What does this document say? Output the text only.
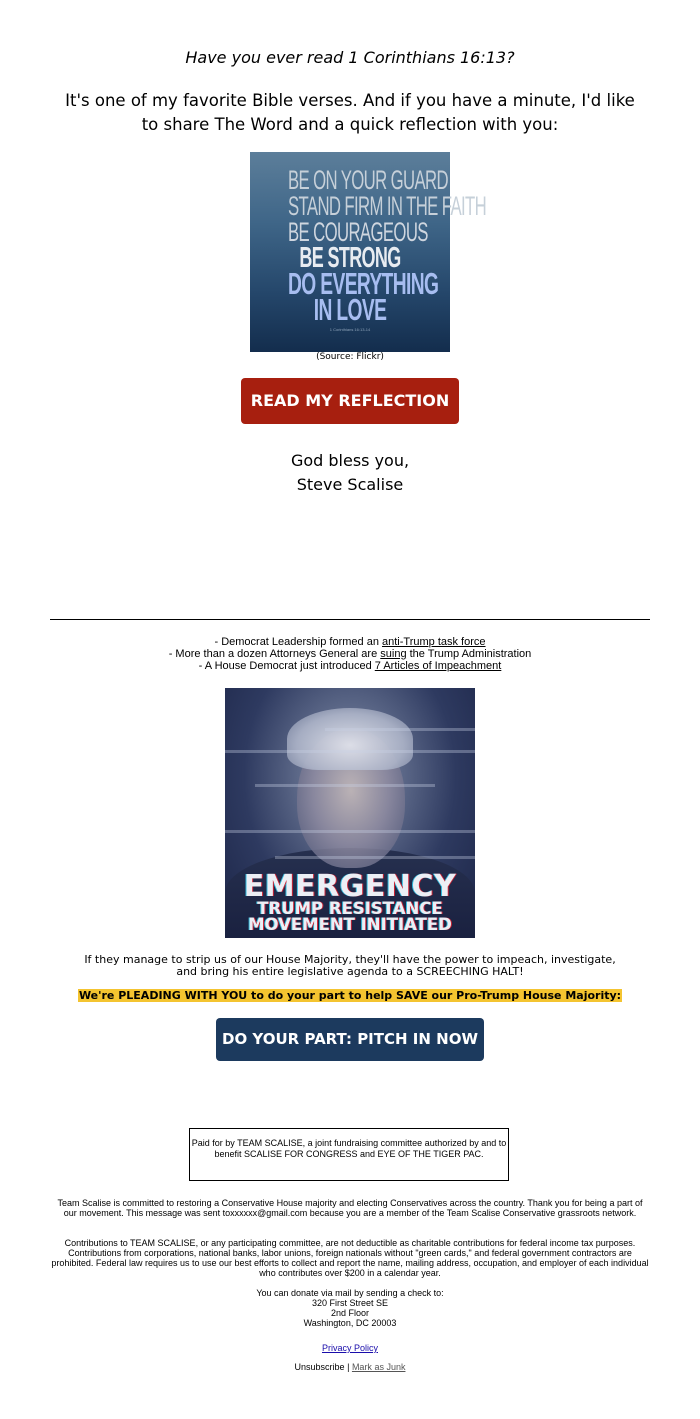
Have you ever read 1 Corinthians 16:13?
It's one of my favorite Bible verses. And if you have a minute, I'd like to share The Word and a quick reflection with you:
BE ON YOUR GUARD
STAND FIRM IN THE FAITH
BE COURAGEOUS
BE STRONG
DO EVERYTHING
IN LOVE
1 Corinthians 16:13-14
(Source: Flickr)
READ MY REFLECTION
God bless you,
Steve Scalise
- Democrat Leadership formed an anti-Trump task force
- More than a dozen Attorneys General are suing the Trump Administration
- A House Democrat just introduced 7 Articles of Impeachment
EMERGENCY
TRUMP RESISTANCE
MOVEMENT INITIATED
If they manage to strip us of our House Majority, they'll have the power to impeach, investigate, and bring his entire legislative agenda to a SCREECHING HALT!
We're PLEADING WITH YOU to do your part to help SAVE our Pro-Trump House Majority:
DO YOUR PART: PITCH IN NOW
Paid for by TEAM SCALISE, a joint fundraising committee authorized by and to benefit SCALISE FOR CONGRESS and EYE OF THE TIGER PAC.
Team Scalise is committed to restoring a Conservative House majority and electing Conservatives across the country. Thank you for being a part of our movement. This message was sent toxxxxxx@gmail.com because you are a member of the Team Scalise Conservative grassroots network.
Contributions to TEAM SCALISE, or any participating committee, are not deductible as charitable contributions for federal income tax purposes. Contributions from corporations, national banks, labor unions, foreign nationals without "green cards," and federal government contractors are prohibited. Federal law requires us to use our best efforts to collect and report the name, mailing address, occupation, and employer of each individual who contributes over $200 in a calendar year.
You can donate via mail by sending a check to:
320 First Street SE
2nd Floor
Washington, DC 20003
Privacy Policy
Unsubscribe | Mark as Junk
